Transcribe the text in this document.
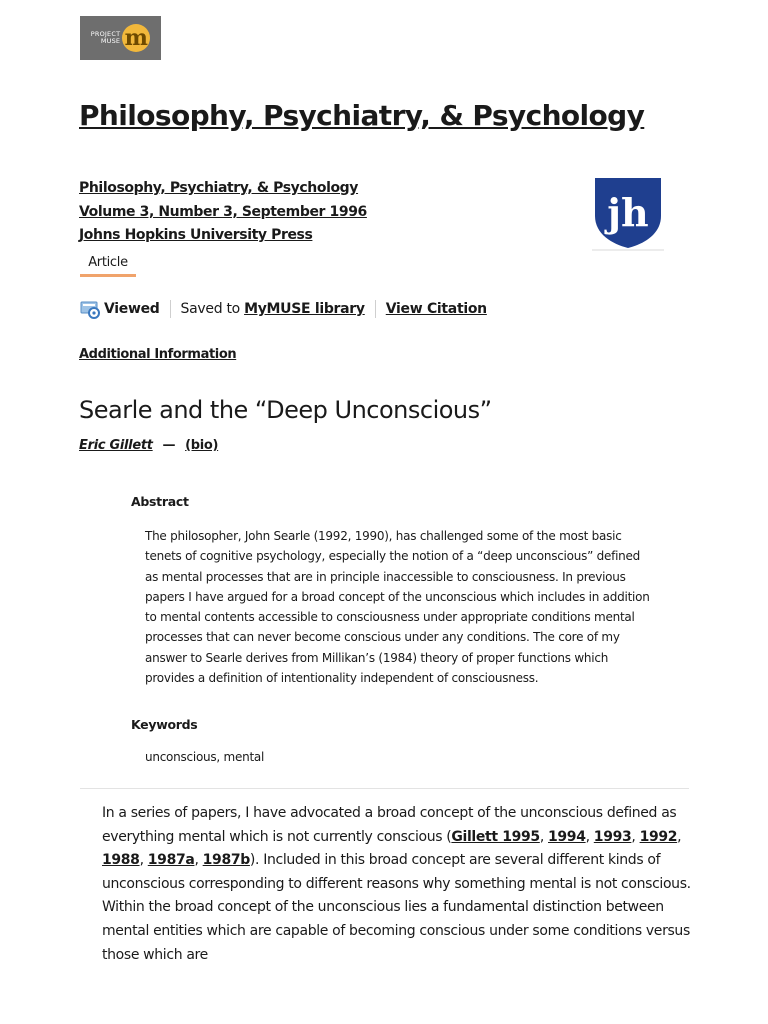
PROJECT
MUSE m
Philosophy, Psychiatry, & Psychology
Philosophy, Psychiatry, & Psychology
Volume 3, Number 3, September 1996
Johns Hopkins University Press	jh
Article
Viewed Saved to MyMUSE library View Citation
Additional Information
Searle and the “Deep Unconscious”
Eric Gillett — (bio)
Abstract

The philosopher, John Searle (1992, 1990), has challenged some of the most basic tenets of cognitive psychology, especially the notion of a “deep unconscious” defined as mental processes that are in principle inaccessible to consciousness. In previous papers I have argued for a broad concept of the unconscious which includes in addition to mental contents accessible to consciousness under appropriate conditions mental processes that can never become conscious under any conditions. The core of my answer to Searle derives from Millikan’s (1984) theory of proper functions which provides a definition of intentionality independent of consciousness.

Keywords
unconscious, mental

In a series of papers, I have advocated a broad concept of the unconscious defined as everything mental which is not currently conscious (Gillett 1995, 1994, 1993, 1992, 1988, 1987a, 1987b). Included in this broad concept are several different kinds of unconscious corresponding to different reasons why something mental is not conscious. Within the broad concept of the unconscious lies a fundamental distinction between mental entities which are capable of becoming conscious under some conditions versus those which are
